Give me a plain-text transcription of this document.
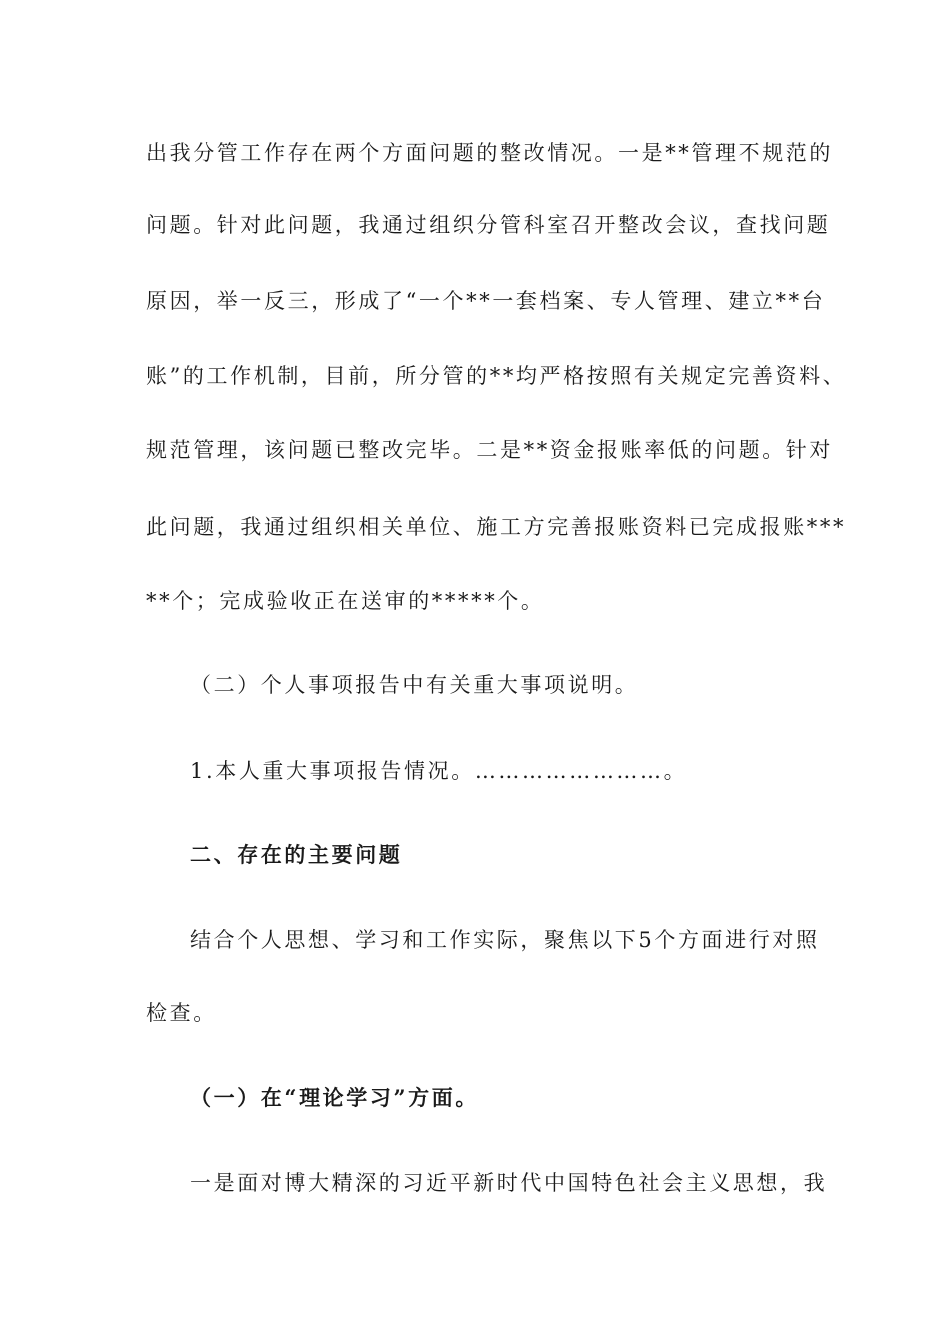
出我分管工作存在两个方面问题的整改情况。一是**管理不规范的
问题。针对此问题，我通过组织分管科室召开整改会议，查找问题
原因，举一反三，形成了“一个**一套档案、专人管理、建立**台
账”的工作机制，目前，所分管的**均严格按照有关规定完善资料、
规范管理，该问题已整改完毕。二是**资金报账率低的问题。针对
此问题，我通过组织相关单位、施工方完善报账资料已完成报账***
**个；完成验收正在送审的*****个。
（二）个人事项报告中有关重大事项说明。
1.本人重大事项报告情况。……………………。
二、存在的主要问题
结合个人思想、学习和工作实际，聚焦以下5个方面进行对照
检查。
（一）在“理论学习”方面。
一是面对博大精深的习近平新时代中国特色社会主义思想，我
